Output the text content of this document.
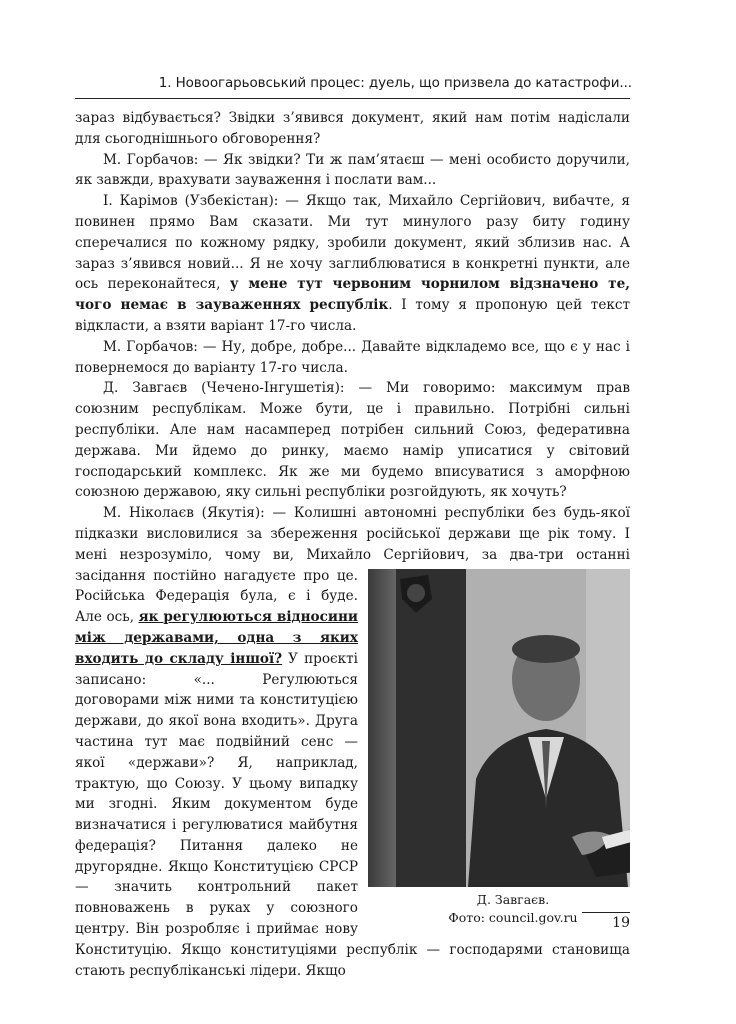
1. Новоогарьовський процес: дуель, що призвела до катастрофи...

зараз відбувається? Звідки з’явився документ, який нам потім надіслали для сьогоднішнього обговорення?

М. Горбачов: — Як звідки? Ти ж пам’ятаєш — мені особисто доручили, як завжди, врахувати зауваження і послати вам...

І. Карімов (Узбекістан): — Якщо так, Михайло Сергійович, вибачте, я повинен прямо Вам сказати. Ми тут минулого разу биту годину сперечалися по кожному рядку, зробили документ, який зблизив нас. А зараз з’явився новий... Я не хочу заглиблюватися в конкретні пункти, але ось переконайтеся, у мене тут червоним чорнилом відзначено те, чого немає в зауваженнях республік. І тому я пропоную цей текст відкласти, а взяти варіант 17-го числа.

М. Горбачов: — Ну, добре, добре... Давайте відкладемо все, що є у нас і повернемося до варіанту 17-го числа.

Д. Завгаєв (Чечено-Інгушетія): — Ми говоримо: максимум прав союзним республікам. Може бути, це і правильно. Потрібні сильні республіки. Але нам насамперед потрібен сильний Союз, федеративна держава. Ми йдемо до ринку, маємо намір уписатися у світовий господарський комплекс. Як же ми будемо вписуватися з аморфною союзною державою, яку сильні республіки розгойдують, як хочуть?

М. Ніколаєв (Якутія): — Колишні автономні республіки без будь-якої підказки висловилися за збереження російської держави ще рік тому. І мені незрозуміло, чому ви, Михайло Сергійович, за два-три останні засідання
Д. Завгаєв.
Фото: council.gov.ru
постійно нагадуєте про це. Російська Федерація була, є і буде. Але ось, як регулюються відносини між державами, одна з яких входить до складу іншої? У проєкті записано: «... Регулюються договорами між ними та конституцією держави, до якої вона входить». Друга частина тут має подвійний сенс — якої «держави»? Я, наприклад, трактую, що Союзу. У цьому випадку ми згодні. Яким документом буде визначатися і регулюватися майбутня федерація? Питання далеко не другорядне. Якщо Конституцією СРСР — значить контрольний пакет повноважень в руках у союзного центру. Він розробляє і приймає нову Конституцію. Якщо конституціями республік — господарями становища стають республіканські лідери. Якщо

19
